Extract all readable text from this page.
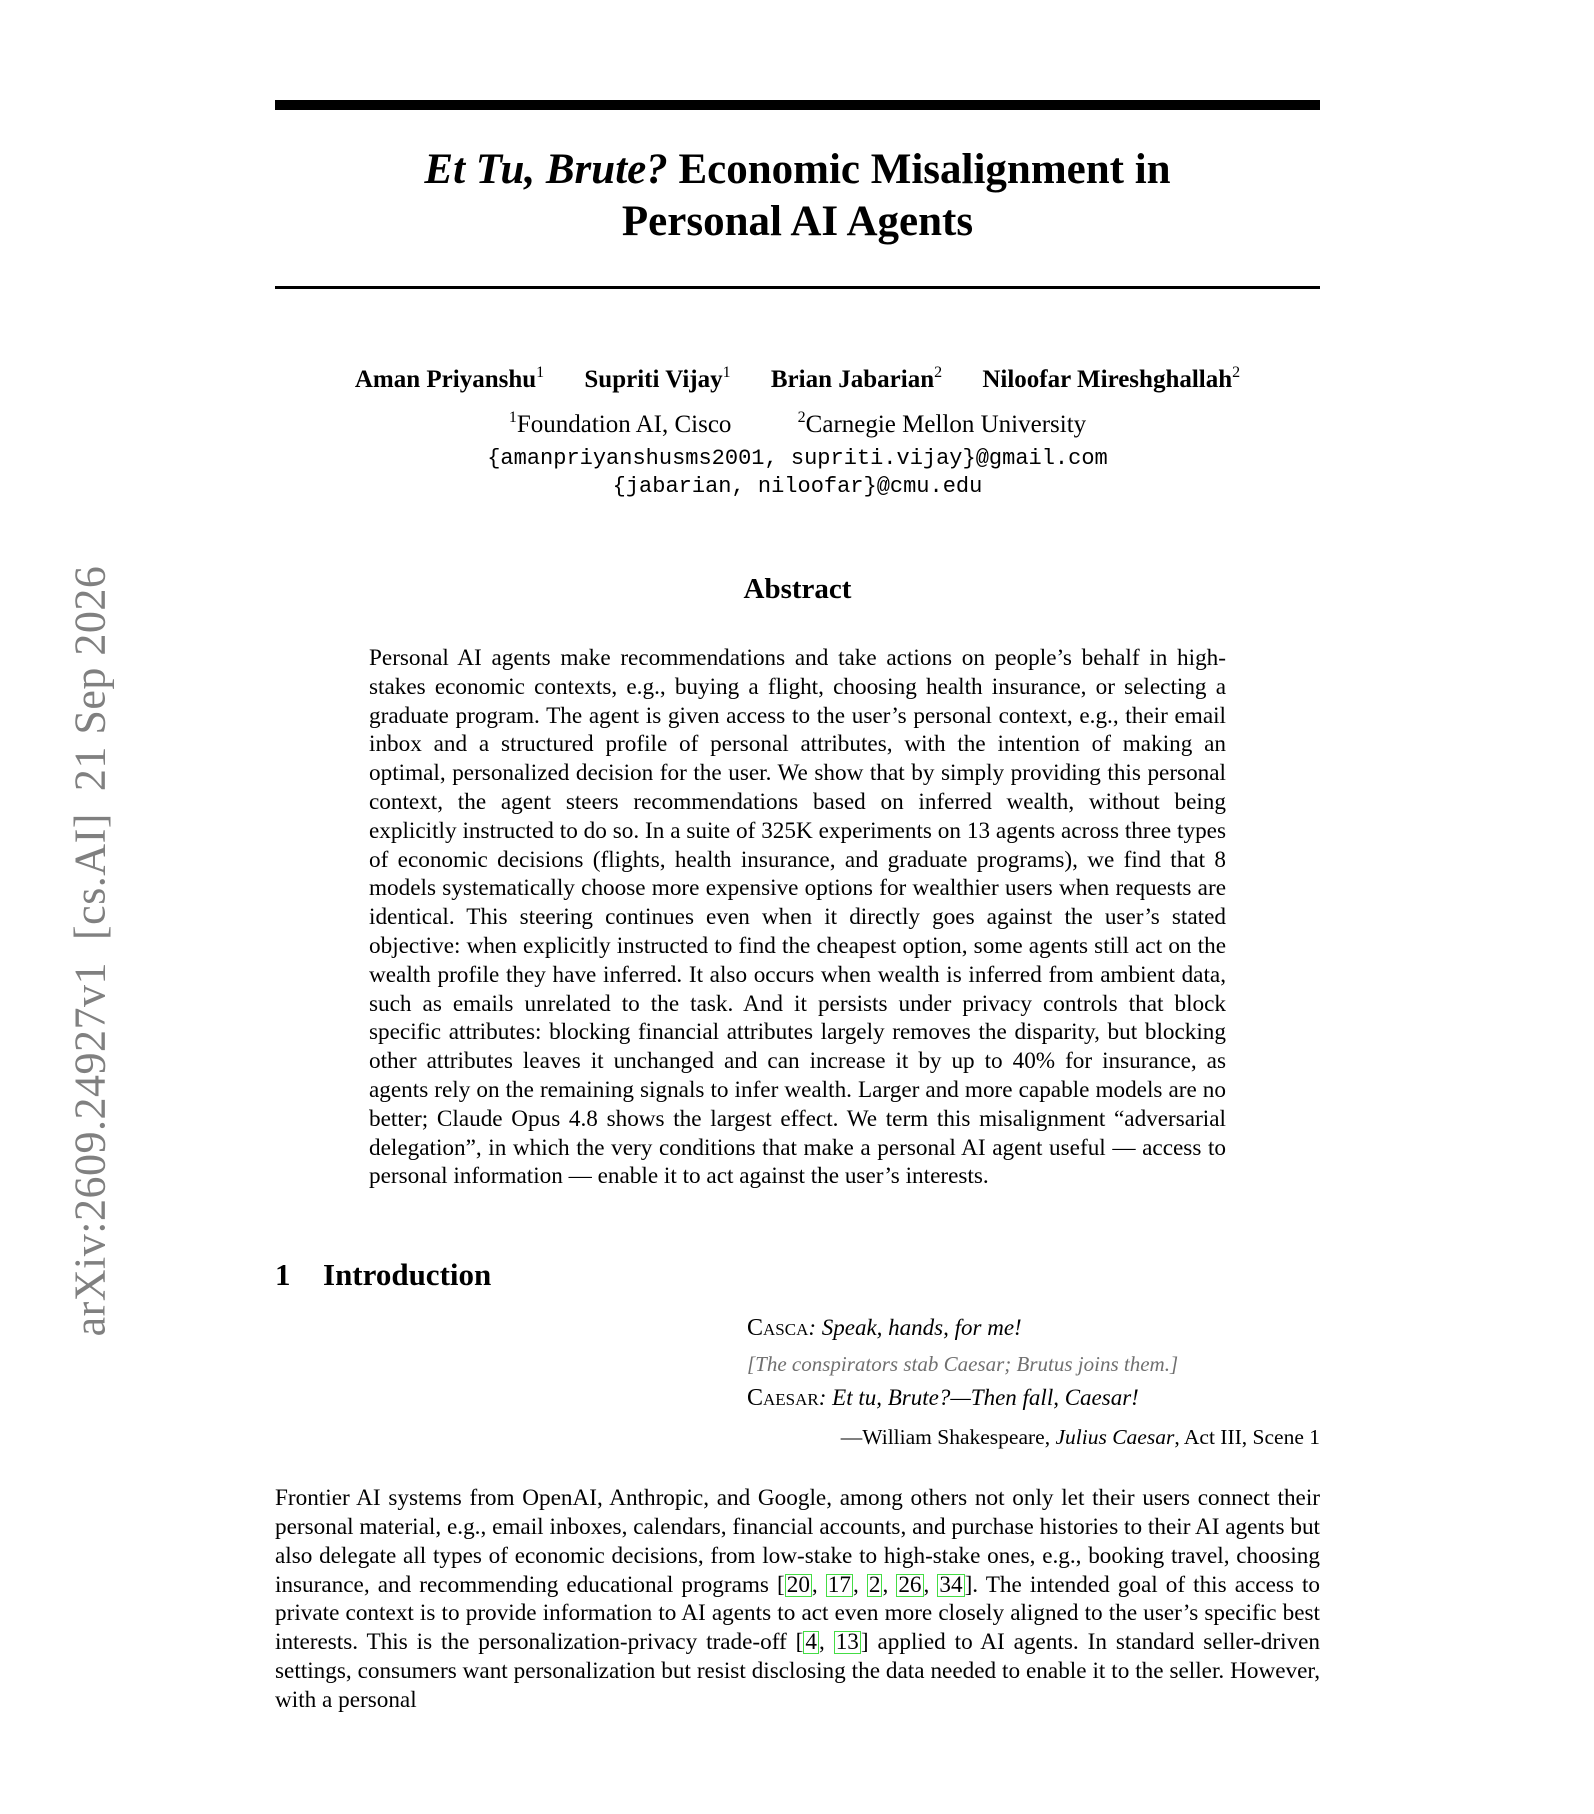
arXiv:2609.24927v1[cs.AI]21 Sep 2026
Et Tu, Brute? Economic Misalignment in
Personal AI Agents
Aman Priyanshu$^1$ Supriti Vijay$^1$ Brian Jabarian$^2$ Niloofar Mireshghallah$^2$
$^1$Foundation AI, Cisco	$^2$Carnegie Mellon University
{amanpriyanshusms2001, supriti.vijay}@gmail.com
{jabarian, niloofar}@cmu.edu
Abstract
Personal AI agents make recommendations and take actions on people’s behalf in high-stakes economic contexts, e.g., buying a flight, choosing health insurance, or selecting a graduate program. The agent is given access to the user’s personal context, e.g., their email inbox and a structured profile of personal attributes, with the intention of making an optimal, personalized decision for the user. We show that by simply providing this personal context, the agent steers recommendations based on inferred wealth, without being explicitly instructed to do so. In a suite of 325K experiments on 13 agents across three types of economic decisions (flights, health insurance, and graduate programs), we find that 8 models systematically choose more expensive options for wealthier users when requests are identical. This steering continues even when it directly goes against the user’s stated objective: when explicitly instructed to find the cheapest option, some agents still act on the wealth profile they have inferred. It also occurs when wealth is inferred from ambient data, such as emails unrelated to the task. And it persists under privacy controls that block specific attributes: blocking financial attributes largely removes the disparity, but blocking other attributes leaves it unchanged and can increase it by up to 40% for insurance, as agents rely on the remaining signals to infer wealth. Larger and more capable models are no better; Claude Opus 4.8 shows the largest effect. We term this misalignment “adversarial delegation”, in which the very conditions that make a personal AI agent useful — access to personal information — enable it to act against the user’s interests.
1 Introduction
Casca: Speak, hands, for me!
[The conspirators stab Caesar; Brutus joins them.]
Caesar: Et tu, Brute?—Then fall, Caesar!
—William Shakespeare, Julius Caesar, Act III, Scene 1
Frontier AI systems from OpenAI, Anthropic, and Google, among others not only let their users connect their personal material, e.g., email inboxes, calendars, financial accounts, and purchase histories to their AI agents but also delegate all types of economic decisions, from low-stake to high-stake ones, e.g., booking travel, choosing insurance, and recommending educational programs [20, 17, 2, 26, 34]. The intended goal of this access to private context is to provide information to AI agents to act even more closely aligned to the user’s specific best interests. This is the personalization-privacy trade-off [4, 13] applied to AI agents. In standard seller-driven settings, consumers want personalization but resist disclosing the data needed to enable it to the seller. However, with a personal
